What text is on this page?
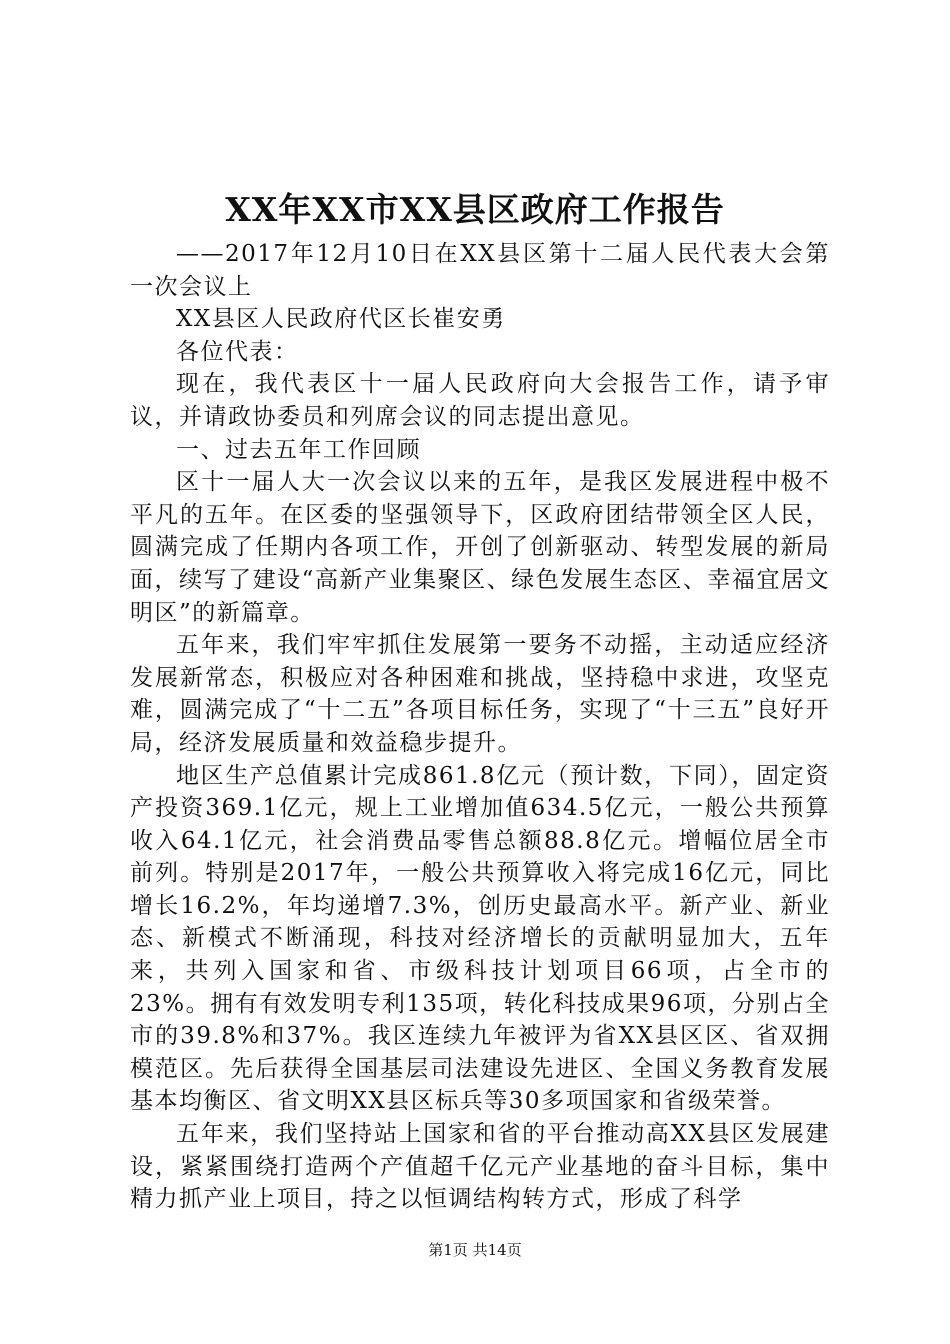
XX年XX市XX县区政府工作报告

——2017年12月10日在XX县区第十二届人民代表大会第一次会议上

XX县区人民政府代区长崔安勇

各位代表：

现在，我代表区十一届人民政府向大会报告工作，请予审议，并请政协委员和列席会议的同志提出意见。

一、过去五年工作回顾

区十一届人大一次会议以来的五年，是我区发展进程中极不平凡的五年。在区委的坚强领导下，区政府团结带领全区人民，圆满完成了任期内各项工作，开创了创新驱动、转型发展的新局面，续写了建设“高新产业集聚区、绿色发展生态区、幸福宜居文明区”的新篇章。

五年来，我们牢牢抓住发展第一要务不动摇，主动适应经济发展新常态，积极应对各种困难和挑战，坚持稳中求进，攻坚克难，圆满完成了“十二五”各项目标任务，实现了“十三五”良好开局，经济发展质量和效益稳步提升。

地区生产总值累计完成861.8亿元（预计数，下同），固定资产投资369.1亿元，规上工业增加值634.5亿元，一般公共预算收入64.1亿元，社会消费品零售总额88.8亿元。增幅位居全市前列。特别是2017年，一般公共预算收入将完成16亿元，同比增长16.2%，年均递增7.3%，创历史最高水平。新产业、新业态、新模式不断涌现，科技对经济增长的贡献明显加大，五年来，共列入国家和省、市级科技计划项目66项，占全市的23%。拥有有效发明专利135项，转化科技成果96项，分别占全市的39.8%和37%。我区连续九年被评为省XX县区区、省双拥模范区。先后获得全国基层司法建设先进区、全国义务教育发展基本均衡区、省文明XX县区标兵等30多项国家和省级荣誉。

五年来，我们坚持站上国家和省的平台推动高XX县区发展建设，紧紧围绕打造两个产值超千亿元产业基地的奋斗目标，集中精力抓产业上项目，持之以恒调结构转方式，形成了科学

第1页 共14页
